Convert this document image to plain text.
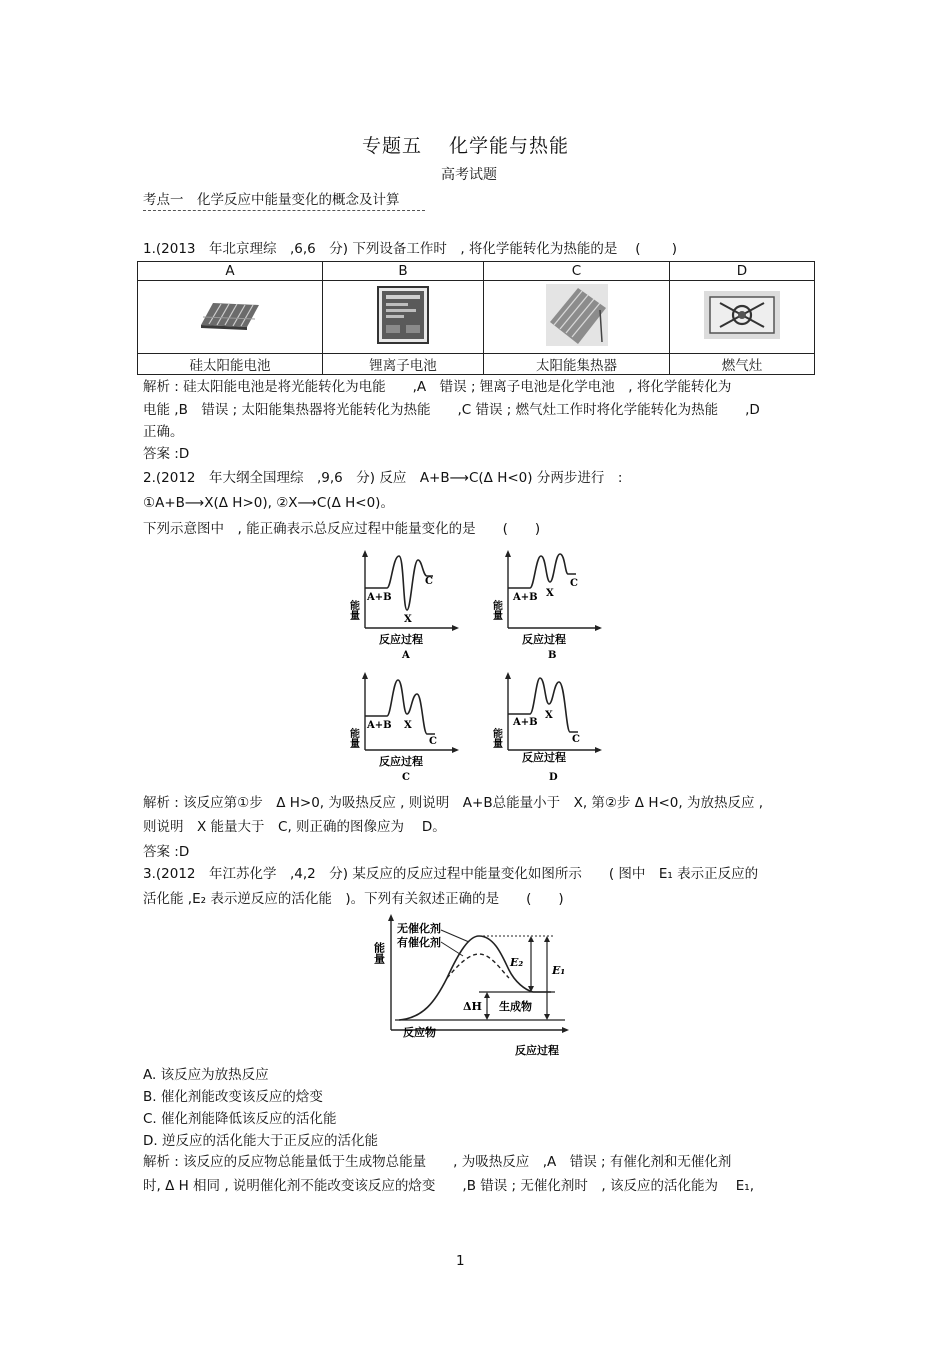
专题五　 化学能与热能
高考试题
考点一　化学反应中能量变化的概念及计算
1.(2013　年北京理综　,6,6　分) 下列设备工作时　, 将化学能转化为热能的是　 (　　 )
A	B	C	D

硅太阳能电池	锂离子电池	太阳能集热器	燃气灶
解析 : 硅太阳能电池是将光能转化为电能　　,A　错误 ; 锂离子电池是化学电池　, 将化学能转化为
电能 ,B　错误 ; 太阳能集热器将光能转化为热能　　,C 错误 ; 燃气灶工作时将化学能转化为热能　　,D
正确。
答案 :D
2.(2012　年大纲全国理综　,9,6　分) 反应　A+B⟶C(Δ H<0) 分两步进行　:
①A+B⟶X(Δ H>0), ②X⟶C(Δ H<0)。
下列示意图中　, 能正确表示总反应过程中能量变化的是　　(　　)
能量
A+B
X
C
反应过程
A
能量
A+B X
C
反应过程
B
能量
A+B X
C
反应过程
C
能量
A+B
X
C
反应过程
D
解析 : 该反应第①步　Δ H>0, 为吸热反应 , 则说明　A+B总能量小于　X, 第②步 Δ H<0, 为放热反应 ,
则说明　X 能量大于　C, 则正确的图像应为　 D。
答案 :D
3.(2012　年江苏化学　,4,2　分) 某反应的反应过程中能量变化如图所示　　( 图中　E₁ 表示正反应的
活化能 ,E₂ 表示逆反应的活化能　)。下列有关叙述正确的是　　(　　)
能量
无催化剂
有催化剂
E₂
E₁
ΔH 生成物
反应物
反应过程
A. 该反应为放热反应
B. 催化剂能改变该反应的焓变
C. 催化剂能降低该反应的活化能
D. 逆反应的活化能大于正反应的活化能
解析 : 该反应的反应物总能量低于生成物总能量　　, 为吸热反应　,A　错误 ; 有催化剂和无催化剂
时, Δ H 相同 , 说明催化剂不能改变该反应的焓变　　,B 错误 ; 无催化剂时　, 该反应的活化能为　 E₁,
1
